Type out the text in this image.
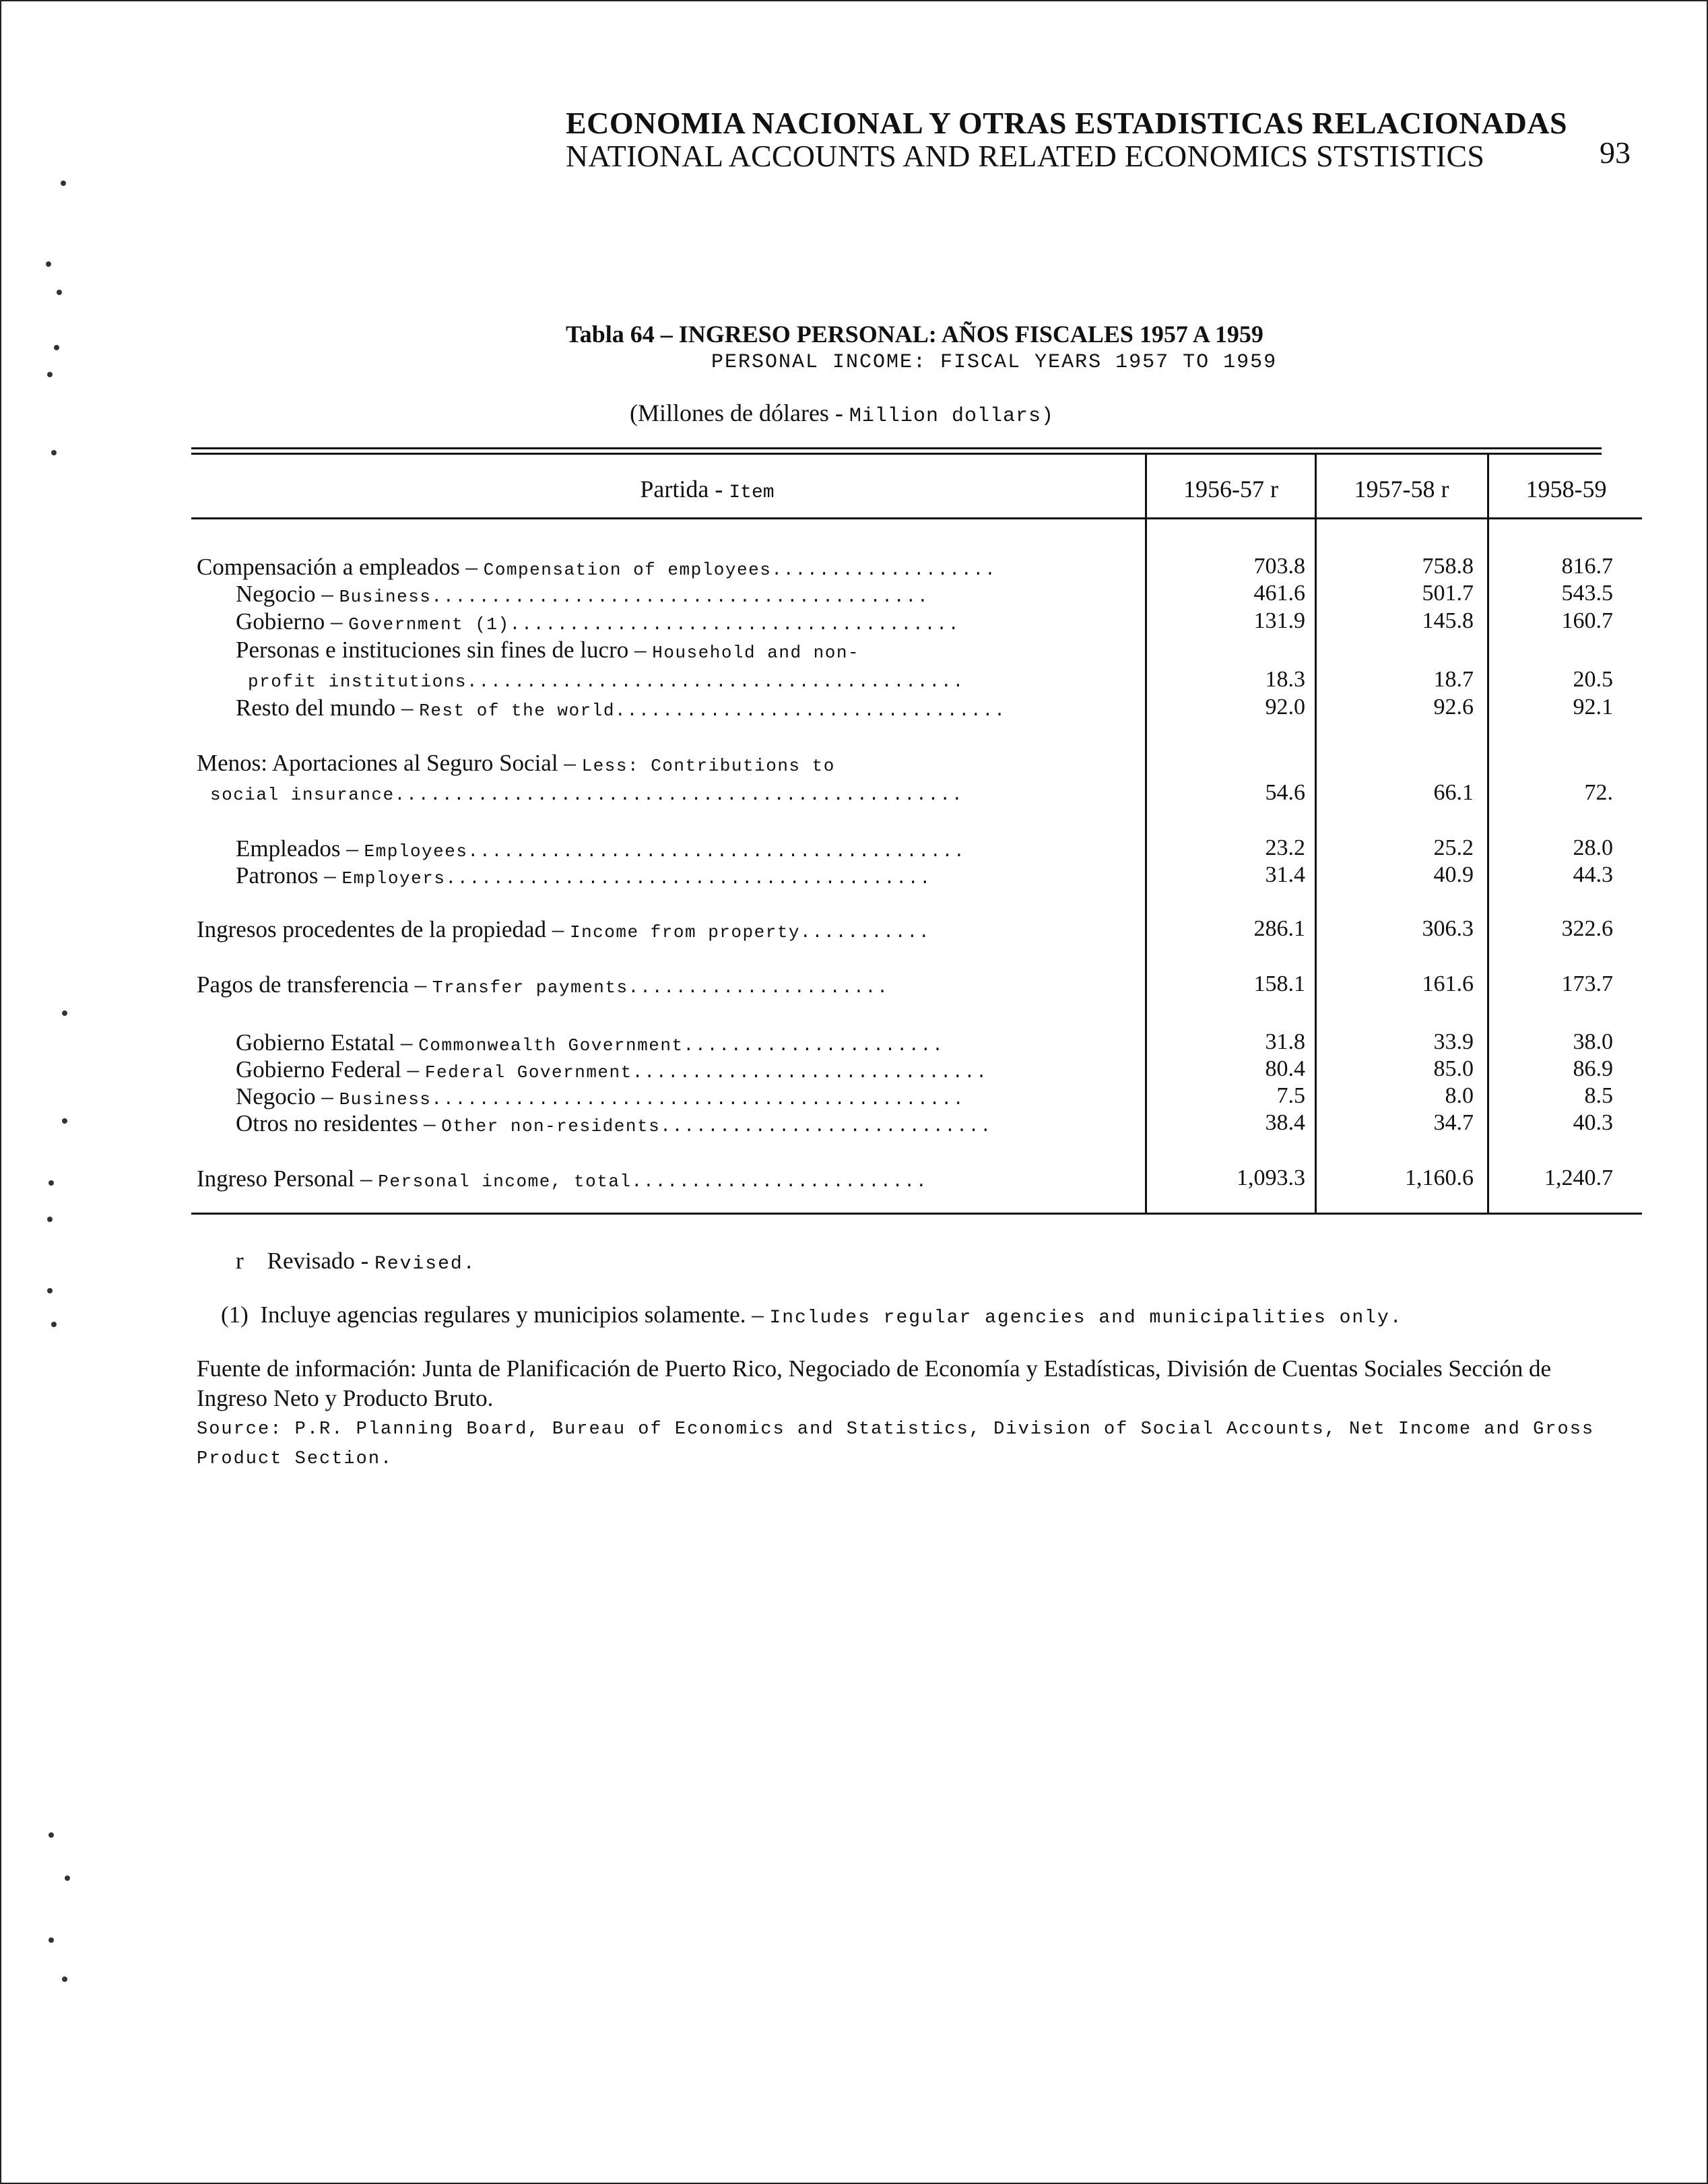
ECONOMIA NACIONAL Y OTRAS ESTADISTICAS RELACIONADAS
NATIONAL ACCOUNTS AND RELATED ECONOMICS STSTISTICS	93
Tabla 64 – INGRESO PERSONAL: AÑOS FISCALES 1957 A 1959
PERSONAL INCOME: FISCAL YEARS 1957 TO 1959
(Millones de dólares - Million dollars)
Partida - Item	1956-57 r	1957-58 r	1958-59
Compensación a empleados – Compensation of employees...................	703.8	758.8	816.7
Negocio – Business..........................................	461.6	501.7	543.5
Gobierno – Government (1)......................................	131.9	145.8	160.7
Personas e instituciones sin fines de lucro – Household and non-
profit institutions..........................................	18.3	18.7	20.5
Resto del mundo – Rest of the world.................................	92.0	92.6	92.1
Menos: Aportaciones al Seguro Social – Less: Contributions to
social insurance................................................	54.6	66.1	72.
Empleados – Employees..........................................	23.2	25.2	28.0
Patronos – Employers.........................................	31.4	40.9	44.3
Ingresos procedentes de la propiedad – Income from property...........	286.1	306.3	322.6
Pagos de transferencia – Transfer payments......................	158.1	161.6	173.7
Gobierno Estatal – Commonwealth Government......................	31.8	33.9	38.0
Gobierno Federal – Federal Government..............................	80.4	85.0	86.9
Negocio – Business.............................................	7.5	8.0	8.5
Otros no residentes – Other non-residents............................	38.4	34.7	40.3
Ingreso Personal – Personal income, total.........................	1,093.3	1,160.6	1,240.7
r Revisado - Revised.
(1) Incluye agencias regulares y municipios solamente. – Includes regular agencies and municipalities only.
Fuente de información: Junta de Planificación de Puerto Rico, Negociado de Economía y Estadísticas, División de Cuentas Sociales Sección de Ingreso Neto y Producto Bruto.
Source: P.R. Planning Board, Bureau of Economics and Statistics, Division of Social Accounts, Net Income and Gross Product Section.
